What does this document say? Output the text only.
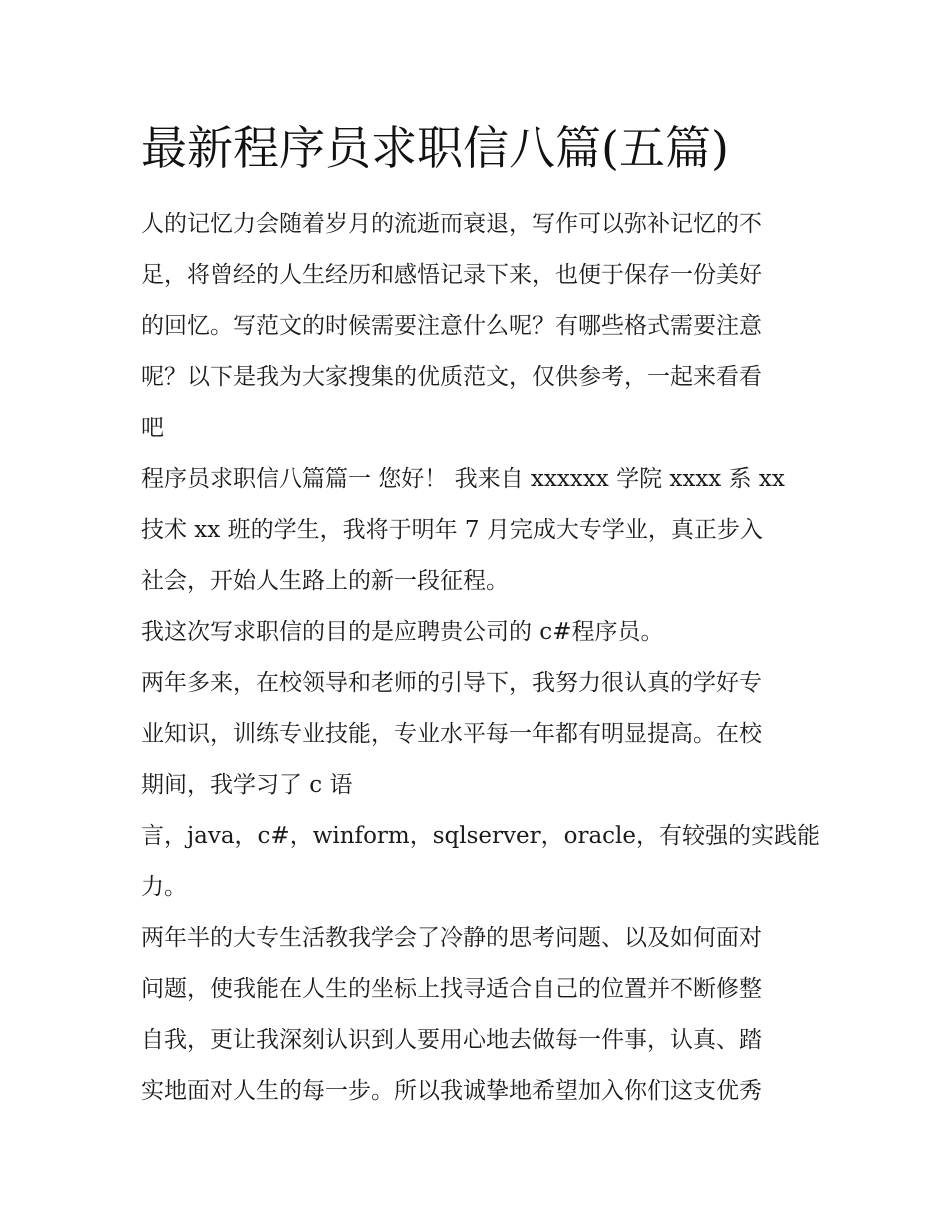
最新程序员求职信八篇(五篇)
人的记忆力会随着岁月的流逝而衰退，写作可以弥补记忆的不
足，将曾经的人生经历和感悟记录下来，也便于保存一份美好
的回忆。写范文的时候需要注意什么呢？有哪些格式需要注意
呢？以下是我为大家搜集的优质范文，仅供参考，一起来看看
吧
程序员求职信八篇篇一 您好！ 我来自 xxxxxx 学院 xxxx 系 xx
技术 xx 班的学生，我将于明年 7 月完成大专学业，真正步入
社会，开始人生路上的新一段征程。
我这次写求职信的目的是应聘贵公司的 c#程序员。
两年多来，在校领导和老师的引导下，我努力很认真的学好专
业知识，训练专业技能，专业水平每一年都有明显提高。在校
期间，我学习了 c 语
言，java，c#，winform，sqlserver，oracle，有较强的实践能
力。
两年半的大专生活教我学会了冷静的思考问题、以及如何面对
问题，使我能在人生的坐标上找寻适合自己的位置并不断修整
自我，更让我深刻认识到人要用心地去做每一件事，认真、踏
实地面对人生的每一步。所以我诚挚地希望加入你们这支优秀
